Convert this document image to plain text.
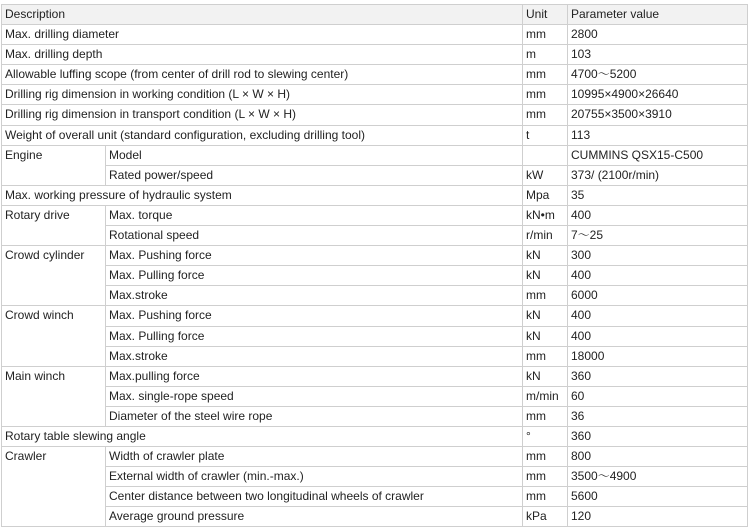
Description		Unit	Parameter value
Max. drilling diameter		mm	2800
Max. drilling depth		m	103
Allowable luffing scope (from center of drill rod to slewing center)		mm	4700～5200
Drilling rig dimension in working condition (L × W × H)		mm	10995×4900×26640
Drilling rig dimension in transport condition (L × W × H)		mm	20755×3500×3910
Weight of overall unit (standard configuration, excluding drilling tool)		t	113
Engine	Model		CUMMINS QSX15-C500
	Rated power/speed	kW	373/ (2100r/min)
Max. working pressure of hydraulic system		Mpa	35
Rotary drive	Max. torque	kN•m	400
	Rotational speed	r/min	7～25
Crowd cylinder	Max. Pushing force	kN	300
	Max. Pulling force	kN	400
	Max.stroke	mm	6000
Crowd winch	Max. Pushing force	kN	400
	Max. Pulling force	kN	400
	Max.stroke	mm	18000
Main winch	Max.pulling force	kN	360
	Max. single-rope speed	m/min	60
	Diameter of the steel wire rope	mm	36
Rotary table slewing angle		°	360
Crawler	Width of crawler plate	mm	800
	External width of crawler (min.-max.)	mm	3500～4900
	Center distance between two longitudinal wheels of crawler	mm	5600
	Average ground pressure	kPa	120
